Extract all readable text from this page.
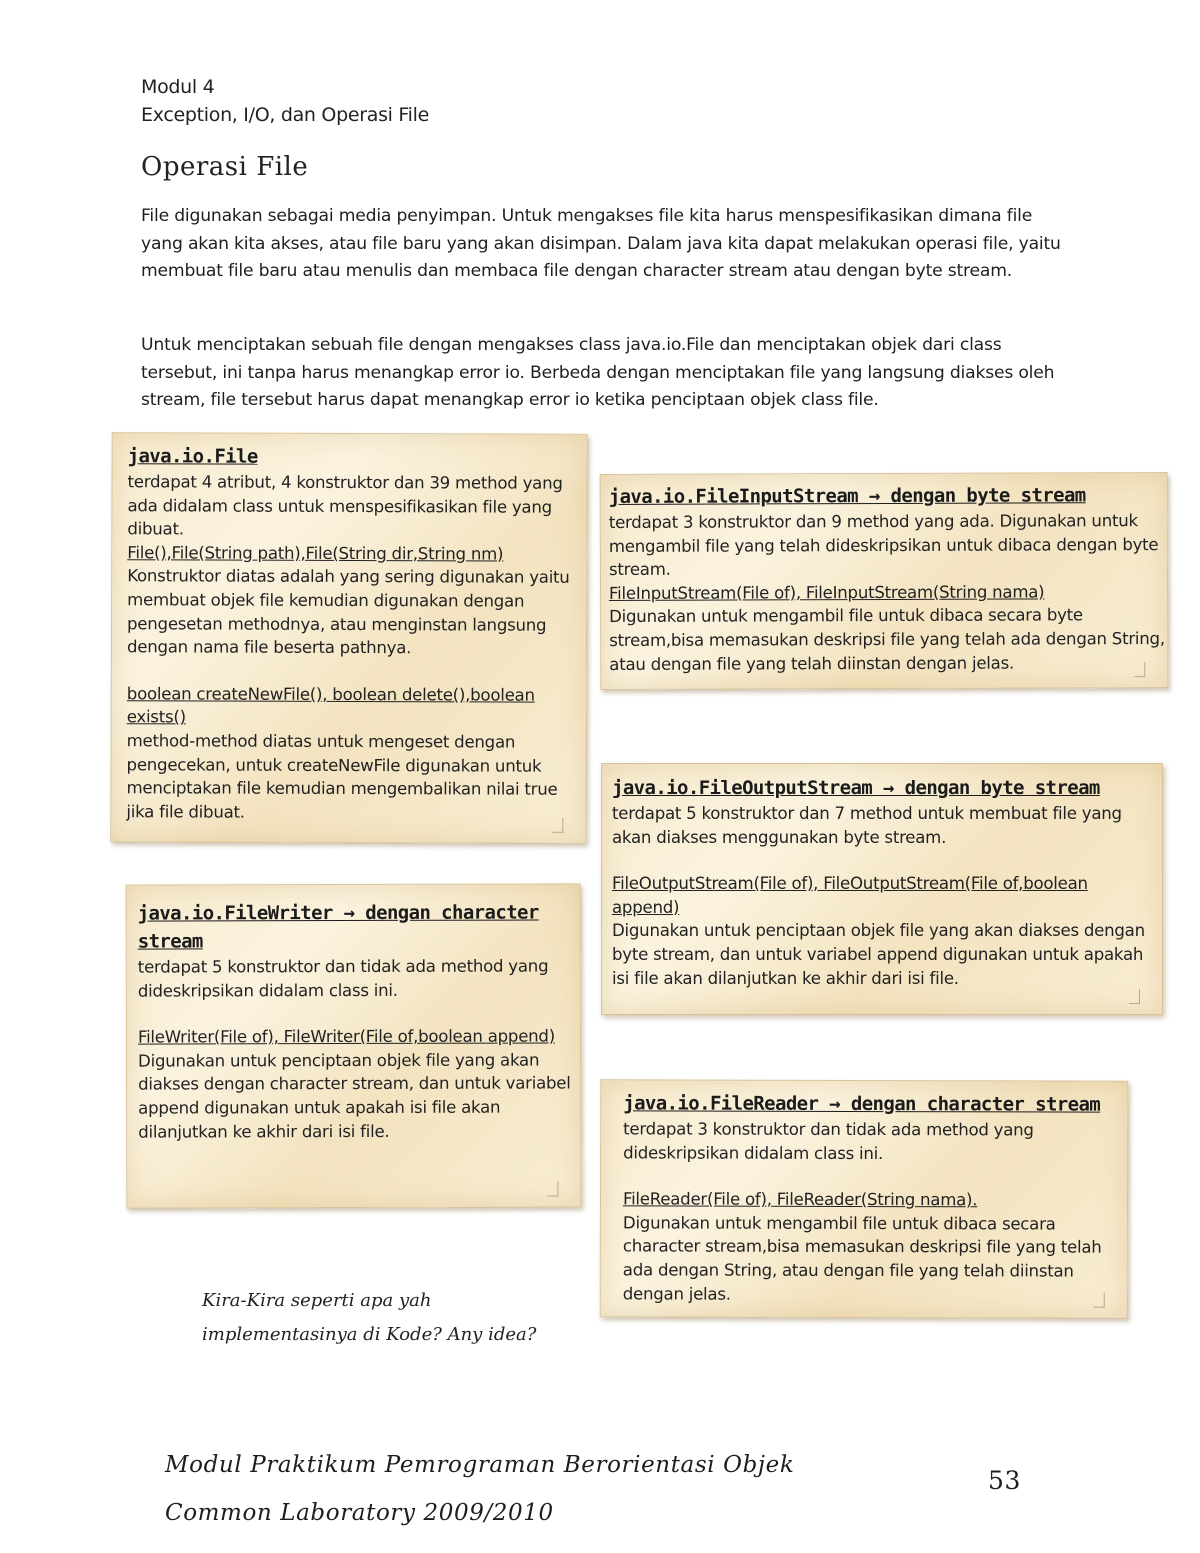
Modul 4
Exception, I/O, dan Operasi File
Operasi File

File digunakan sebagai media penyimpan. Untuk mengakses file kita harus menspesifikasikan dimana file yang akan kita akses, atau file baru yang akan disimpan. Dalam java kita dapat melakukan operasi file, yaitu membuat file baru atau menulis dan membaca file dengan character stream atau dengan byte stream.

Untuk menciptakan sebuah file dengan mengakses class java.io.File dan menciptakan objek dari class tersebut, ini tanpa harus menangkap error io. Berbeda dengan menciptakan file yang langsung diakses oleh stream, file tersebut harus dapat menangkap error io ketika penciptaan objek class file.

java.io.File

terdapat 4 atribut, 4 konstruktor dan 39 method yang ada didalam class untuk menspesifikasikan file yang dibuat.

File(),File(String path),File(String dir,String nm)

Konstruktor diatas adalah yang sering digunakan yaitu membuat objek file kemudian digunakan dengan pengesetan methodnya, atau menginstan langsung dengan nama file beserta pathnya.

boolean createNewFile(), boolean delete(),boolean exists()

method-method diatas untuk mengeset dengan pengecekan, untuk createNewFile digunakan untuk menciptakan file kemudian mengembalikan nilai true jika file dibuat.

java.io.FileInputStream → dengan byte stream

terdapat 3 konstruktor dan 9 method yang ada. Digunakan untuk mengambil file yang telah dideskripsikan untuk dibaca dengan byte stream.

FileInputStream(File of), FileInputStream(String nama)

Digunakan untuk mengambil file untuk dibaca secara byte stream,bisa memasukan deskripsi file yang telah ada dengan String, atau dengan file yang telah diinstan dengan jelas.

java.io.FileOutputStream → dengan byte stream

terdapat 5 konstruktor dan 7 method untuk membuat file yang akan diakses menggunakan byte stream.

FileOutputStream(File of), FileOutputStream(File of,boolean append)

Digunakan untuk penciptaan objek file yang akan diakses dengan byte stream, dan untuk variabel append digunakan untuk apakah isi file akan dilanjutkan ke akhir dari isi file.

java.io.FileWriter → dengan character stream

terdapat 5 konstruktor dan tidak ada method yang dideskripsikan didalam class ini.

FileWriter(File of), FileWriter(File of,boolean append)

Digunakan untuk penciptaan objek file yang akan diakses dengan character stream, dan untuk variabel append digunakan untuk apakah isi file akan dilanjutkan ke akhir dari isi file.

java.io.FileReader → dengan character stream

terdapat 3 konstruktor dan tidak ada method yang dideskripsikan didalam class ini.

FileReader(File of), FileReader(String nama).

Digunakan untuk mengambil file untuk dibaca secara character stream,bisa memasukan deskripsi file yang telah ada dengan String, atau dengan file yang telah diinstan dengan jelas.

Kira-Kira seperti apa yah
implementasinya di Kode? Any idea?
Modul Praktikum Pemrograman Berorientasi Objek
Common Laboratory 2009/2010
53
